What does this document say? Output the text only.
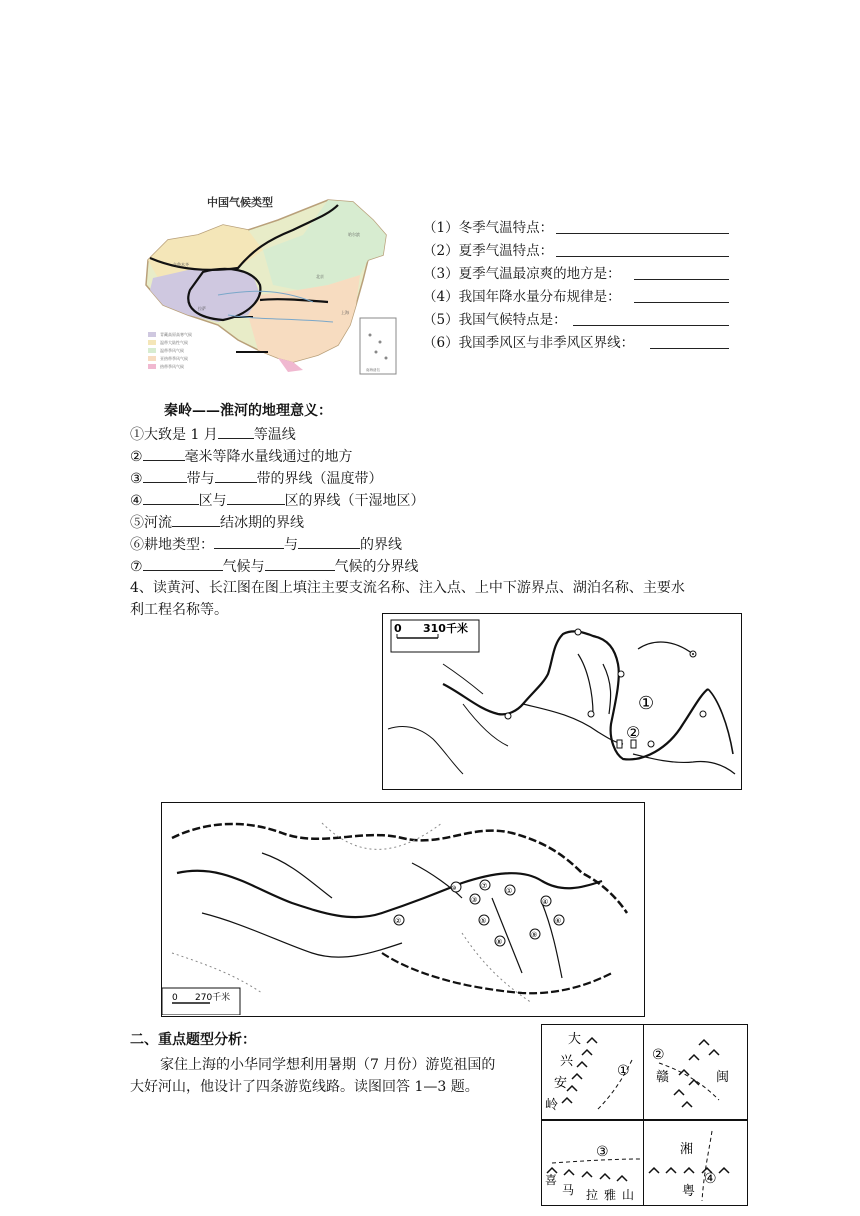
中国气候类型
青藏高原高寒气候
温带大陆性气候
温带季风气候
亚热带季风气候
热带季风气候
南海诸岛
乌鲁木齐
拉萨
哈尔滨
北京
上海
（1）冬季气温特点：
（2）夏季气温特点：
（3）夏季气温最凉爽的地方是：
（4）我国年降水量分布规律是：
（5）我国气候特点是：
（6）我国季风区与非季风区界线：
秦岭——淮河的地理意义：
①大致是 1 月	等温线
②	毫米等降水量线通过的地方
③	带与	带的界线（温度带）
④	区与	区的界线（干湿地区）
⑤河流	结冰期的界线
⑥耕地类型：	与	的界线
⑦	气候与	气候的分界线
4、读黄河、长江图在图上填注主要支流名称、注入点、上中下游界点、湖泊名称、主要水
利工程名称等。
0 310千米
①
②
②
①
③	④
⑤	⑥
⑦
⑧
⑨
⑩
0 270千米
二、重点题型分析：
家住上海的小华同学想利用暑期（7 月份）游览祖国的
大好河山，他设计了四条游览线路。读图回答 1—3 题。
大
兴
安
岭
①
②
赣	闽
③
喜
马 拉 雅 山
湘
粤
④
